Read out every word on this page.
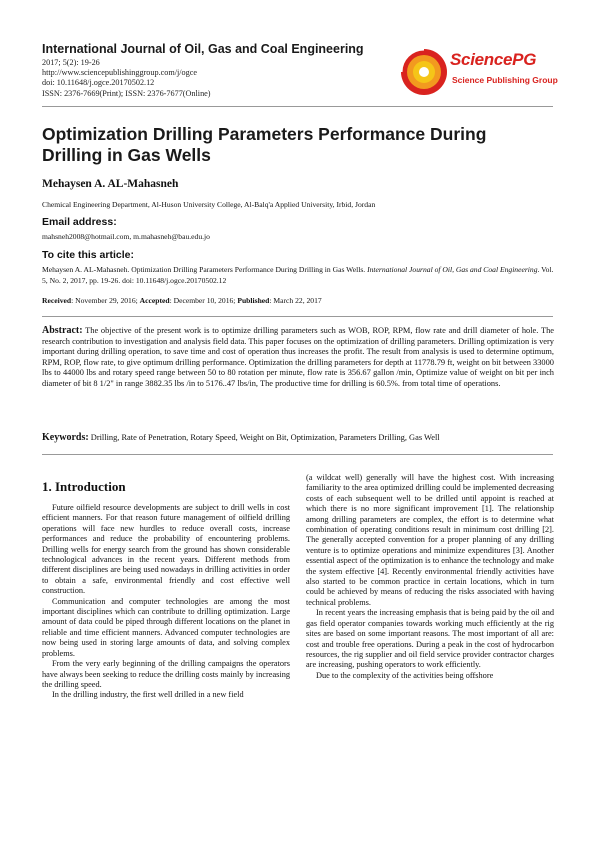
International Journal of Oil, Gas and Coal Engineering
2017; 5(2): 19-26
http://www.sciencepublishinggroup.com/j/ogce
doi: 10.11648/j.ogce.20170502.12
ISSN: 2376-7669(Print); ISSN: 2376-7677(Online)
SciencePG
Science Publishing Group
Optimization Drilling Parameters Performance During Drilling in Gas Wells
Mehaysen A. AL-Mahasneh
Chemical Engineering Department, Al-Huson University College, Al-Balq'a Applied University, Irbid, Jordan
Email address:
mahsneh2008@hotmail.com, m.mahasneh@bau.edu.jo
To cite this article:
Mehaysen A. AL-Mahasneh. Optimization Drilling Parameters Performance During Drilling in Gas Wells. International Journal of Oil, Gas and Coal Engineering. Vol. 5, No. 2, 2017, pp. 19-26. doi: 10.11648/j.ogce.20170502.12
Received: November 29, 2016; Accepted: December 10, 2016; Published: March 22, 2017
Abstract: The objective of the present work is to optimize drilling parameters such as WOB, ROP, RPM, flow rate and drill diameter of hole. The research contribution to investigation and analysis field data. This paper focuses on the optimization of drilling parameters. Drilling optimization is very important during drilling operation, to save time and cost of operation thus increases the profit. The result from analysis is used to determine optimum, RPM, ROP, flow rate, to give optimum drilling performance. Optimization the drilling parameters for depth at 11778.79 ft, weight on bit between 33000 lbs to 44000 lbs and rotary speed range between 50 to 80 rotation per minute, flow rate is 356.67 gallon /min, Optimize value of weight on bit per inch diameter of bit 8 1/2" in range 3882.35 lbs /in to 5176..47 lbs/in, The productive time for drilling is 60.5%. from total time of operations.
Keywords: Drilling, Rate of Penetration, Rotary Speed, Weight on Bit, Optimization, Parameters Drilling, Gas Well
1. Introduction

Future oilfield resource developments are subject to drill wells in cost efficient manners. For that reason future management of oilfield drilling operations will face new hurdles to reduce overall costs, increase performances and reduce the probability of encountering problems. Drilling wells for energy search from the ground has shown considerable technological advances in the recent years. Different methods from different disciplines are being used nowadays in drilling activities in order to obtain a safe, environmental friendly and cost effective well construction.

Communication and computer technologies are among the most important disciplines which can contribute to drilling optimization. Large amount of data could be piped through different locations on the planet in reliable and time efficient manners. Advanced computer technologies are now being used in storing large amounts of data, and solving complex problems.

From the very early beginning of the drilling campaigns the operators have always been seeking to reduce the drilling costs mainly by increasing the drilling speed.

In the drilling industry, the first well drilled in a new field

(a wildcat well) generally will have the highest cost. With increasing familiarity to the area optimized drilling could be implemented decreasing costs of each subsequent well to be drilled until appoint is reached at which there is no more significant improvement [1]. The relationship among drilling parameters are complex, the effort is to determine what combination of operating conditions result in minimum cost drilling [2]. The generally accepted convention for a proper planning of any drilling venture is to optimize operations and minimize expenditures [3]. Another essential aspect of the optimization is to enhance the technology and make the system effective [4]. Recently environmental friendly activities have also started to be common practice in certain locations, which in turn could be achieved by means of reducing the risks associated with having technical problems.

In recent years the increasing emphasis that is being paid by the oil and gas field operator companies towards working much efficiently at the rig sites are based on some important reasons. The most important of all are: cost and trouble free operations. During a peak in the cost of hydrocarbon resources, the rig supplier and oil field service provider contractor charges are increasing, pushing operators to work efficiently.

Due to the complexity of the activities being offshore
